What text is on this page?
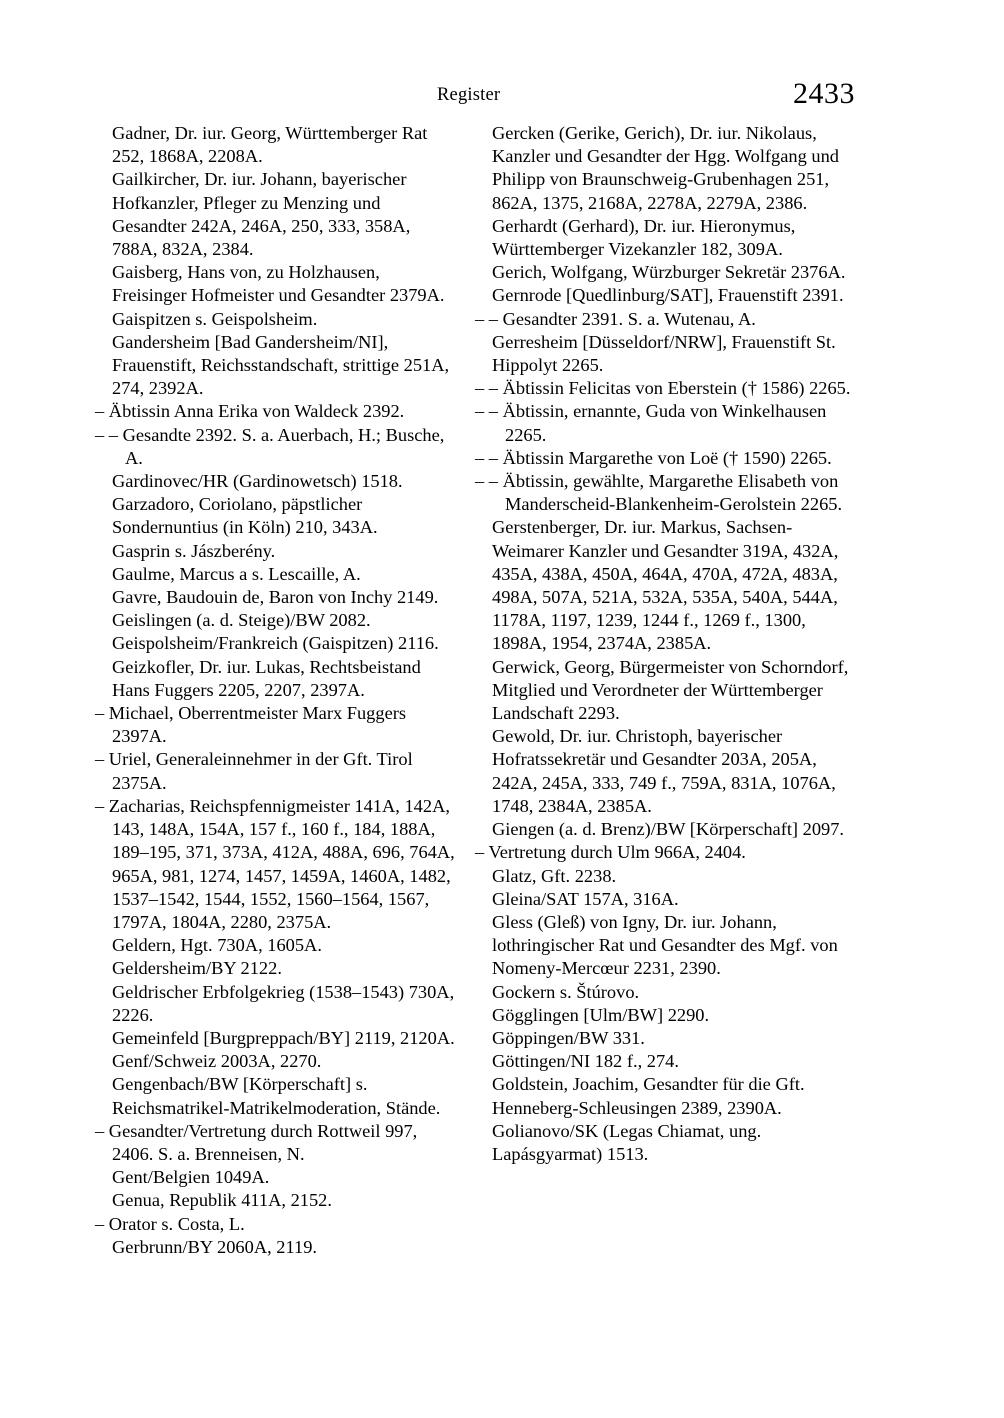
Register	2433

Gadner, Dr. iur. Georg, Württemberger Rat 252, 1868A, 2208A.

Gailkircher, Dr. iur. Johann, bayerischer Hofkanzler, Pfleger zu Menzing und Gesandter 242A, 246A, 250, 333, 358A, 788A, 832A, 2384.

Gaisberg, Hans von, zu Holzhausen, Freisinger Hofmeister und Gesandter 2379A.

Gaispitzen s. Geispolsheim.

Gandersheim [Bad Gandersheim/NI], Frauenstift, Reichsstandschaft, strittige 251A, 274, 2392A.

– Äbtissin Anna Erika von Waldeck 2392.

– – Gesandte 2392. S. a. Auerbach, H.; Busche, A.

Gardinovec/HR (Gardinowetsch) 1518.

Garzadoro, Coriolano, päpstlicher Sondernuntius (in Köln) 210, 343A.

Gasprin s. Jászberény.

Gaulme, Marcus a s. Lescaille, A.

Gavre, Baudouin de, Baron von Inchy 2149.

Geislingen (a. d. Steige)/BW 2082.

Geispolsheim/Frankreich (Gaispitzen) 2116.

Geizkofler, Dr. iur. Lukas, Rechtsbeistand Hans Fuggers 2205, 2207, 2397A.

– Michael, Oberrentmeister Marx Fuggers 2397A.

– Uriel, Generaleinnehmer in der Gft. Tirol 2375A.

– Zacharias, Reichspfennigmeister 141A, 142A, 143, 148A, 154A, 157 f., 160 f., 184, 188A, 189–195, 371, 373A, 412A, 488A, 696, 764A, 965A, 981, 1274, 1457, 1459A, 1460A, 1482, 1537–1542, 1544, 1552, 1560–1564, 1567, 1797A, 1804A, 2280, 2375A.

Geldern, Hgt. 730A, 1605A.

Geldersheim/BY 2122.

Geldrischer Erbfolgekrieg (1538–1543) 730A, 2226.

Gemeinfeld [Burgpreppach/BY] 2119, 2120A.

Genf/Schweiz 2003A, 2270.

Gengenbach/BW [Körperschaft] s. Reichsmatrikel-Matrikelmoderation, Stände.

– Gesandter/Vertretung durch Rottweil 997, 2406. S. a. Brenneisen, N.

Gent/Belgien 1049A.

Genua, Republik 411A, 2152.

– Orator s. Costa, L.

Gerbrunn/BY 2060A, 2119.

Gercken (Gerike, Gerich), Dr. iur. Nikolaus, Kanzler und Gesandter der Hgg. Wolfgang und Philipp von Braunschweig-Grubenhagen 251, 862A, 1375, 2168A, 2278A, 2279A, 2386.

Gerhardt (Gerhard), Dr. iur. Hieronymus, Württemberger Vizekanzler 182, 309A.

Gerich, Wolfgang, Würzburger Sekretär 2376A.

Gernrode [Quedlinburg/SAT], Frauenstift 2391.

– – Gesandter 2391. S. a. Wutenau, A.

Gerresheim [Düsseldorf/NRW], Frauenstift St. Hippolyt 2265.

– – Äbtissin Felicitas von Eberstein († 1586) 2265.

– – Äbtissin, ernannte, Guda von Winkelhausen 2265.

– – Äbtissin Margarethe von Loë († 1590) 2265.

– – Äbtissin, gewählte, Margarethe Elisabeth von Manderscheid-Blankenheim-Gerolstein 2265.

Gerstenberger, Dr. iur. Markus, Sachsen-Weimarer Kanzler und Gesandter 319A, 432A, 435A, 438A, 450A, 464A, 470A, 472A, 483A, 498A, 507A, 521A, 532A, 535A, 540A, 544A, 1178A, 1197, 1239, 1244 f., 1269 f., 1300, 1898A, 1954, 2374A, 2385A.

Gerwick, Georg, Bürgermeister von Schorndorf, Mitglied und Verordneter der Württemberger Landschaft 2293.

Gewold, Dr. iur. Christoph, bayerischer Hofratssekretär und Gesandter 203A, 205A, 242A, 245A, 333, 749 f., 759A, 831A, 1076A, 1748, 2384A, 2385A.

Giengen (a. d. Brenz)/BW [Körperschaft] 2097.

– Vertretung durch Ulm 966A, 2404.

Glatz, Gft. 2238.

Gleina/SAT 157A, 316A.

Gless (Gleß) von Igny, Dr. iur. Johann, lothringischer Rat und Gesandter des Mgf. von Nomeny-Mercœur 2231, 2390.

Gockern s. Štúrovo.

Gögglingen [Ulm/BW] 2290.

Göppingen/BW 331.

Göttingen/NI 182 f., 274.

Goldstein, Joachim, Gesandter für die Gft. Henneberg-Schleusingen 2389, 2390A.

Golianovo/SK (Legas Chiamat, ung. Lapásgyarmat) 1513.
